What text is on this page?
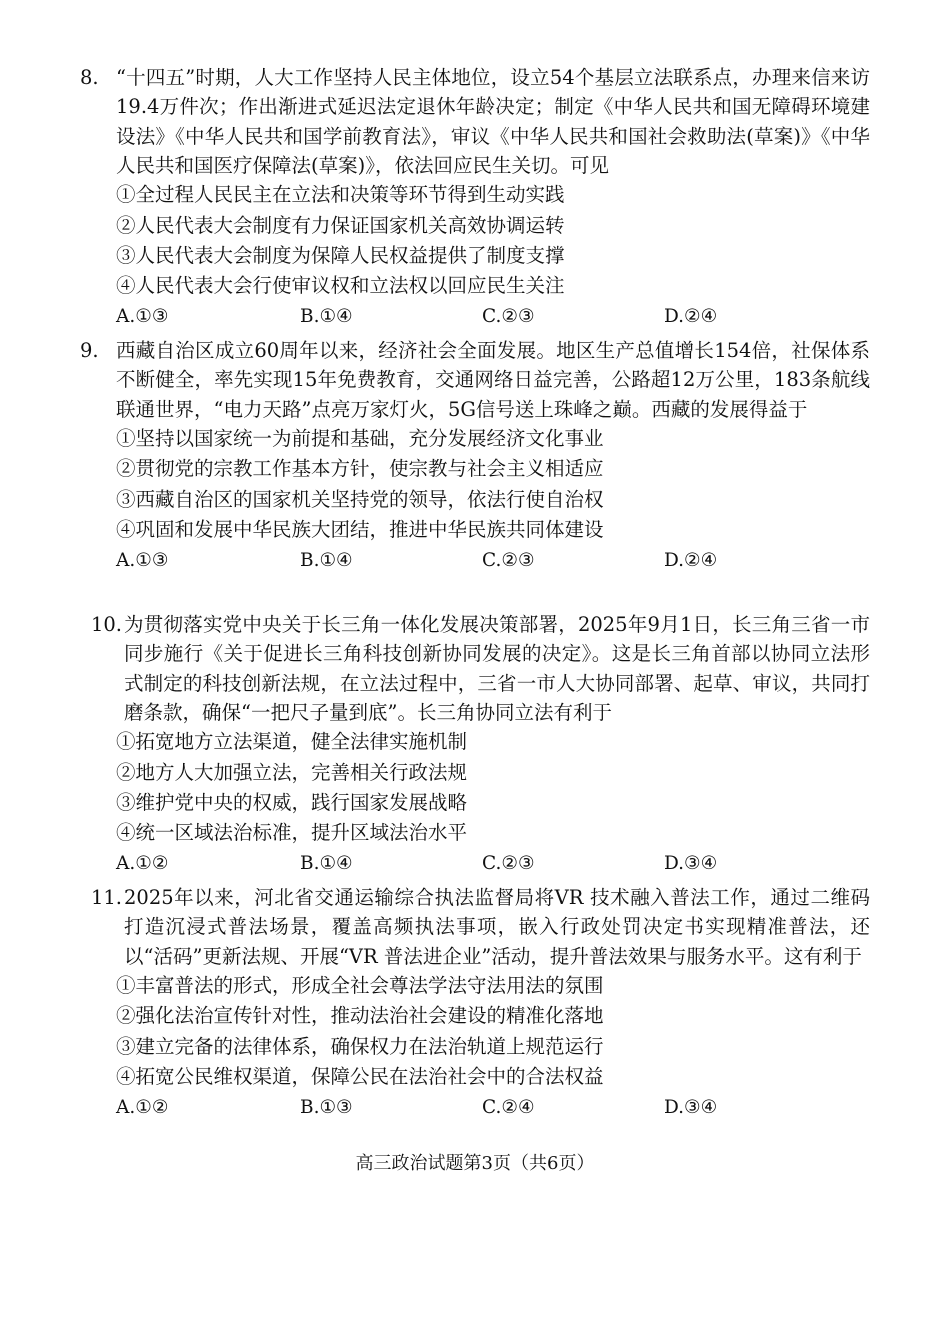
8. “十四五”时期，人大工作坚持人民主体地位，设立54个基层立法联系点，办理来信来访19.4万件次；作出渐进式延迟法定退休年龄决定；制定《中华人民共和国无障碍环境建设法》《中华人民共和国学前教育法》，审议《中华人民共和国社会救助法(草案)》《中华人民共和国医疗保障法(草案)》，依法回应民生关切。可见
①全过程人民民主在立法和决策等环节得到生动实践
②人民代表大会制度有力保证国家机关高效协调运转
③人民代表大会制度为保障人民权益提供了制度支撑
④人民代表大会行使审议权和立法权以回应民生关注
A.①③	B.①④	C.②③	D.②④
9. 西藏自治区成立60周年以来，经济社会全面发展。地区生产总值增长154倍，社保体系不断健全，率先实现15年免费教育，交通网络日益完善，公路超12万公里，183条航线联通世界，“电力天路”点亮万家灯火，5G信号送上珠峰之巅。西藏的发展得益于
①坚持以国家统一为前提和基础，充分发展经济文化事业
②贯彻党的宗教工作基本方针，使宗教与社会主义相适应
③西藏自治区的国家机关坚持党的领导，依法行使自治权
④巩固和发展中华民族大团结，推进中华民族共同体建设
A.①③	B.①④	C.②③	D.②④
10. 为贯彻落实党中央关于长三角一体化发展决策部署，2025年9月1日，长三角三省一市同步施行《关于促进长三角科技创新协同发展的决定》。这是长三角首部以协同立法形式制定的科技创新法规，在立法过程中，三省一市人大协同部署、起草、审议，共同打磨条款，确保“一把尺子量到底”。长三角协同立法有利于
①拓宽地方立法渠道，健全法律实施机制
②地方人大加强立法，完善相关行政法规
③维护党中央的权威，践行国家发展战略
④统一区域法治标准，提升区域法治水平
A.①②	B.①④	C.②③	D.③④
11. 2025年以来，河北省交通运输综合执法监督局将VR 技术融入普法工作，通过二维码打造沉浸式普法场景，覆盖高频执法事项，嵌入行政处罚决定书实现精准普法，还以“活码”更新法规、开展“VR 普法进企业”活动，提升普法效果与服务水平。这有利于
①丰富普法的形式，形成全社会尊法学法守法用法的氛围
②强化法治宣传针对性，推动法治社会建设的精准化落地
③建立完备的法律体系，确保权力在法治轨道上规范运行
④拓宽公民维权渠道，保障公民在法治社会中的合法权益
A.①②	B.①③	C.②④	D.③④
高三政治试题第3页（共6页）
